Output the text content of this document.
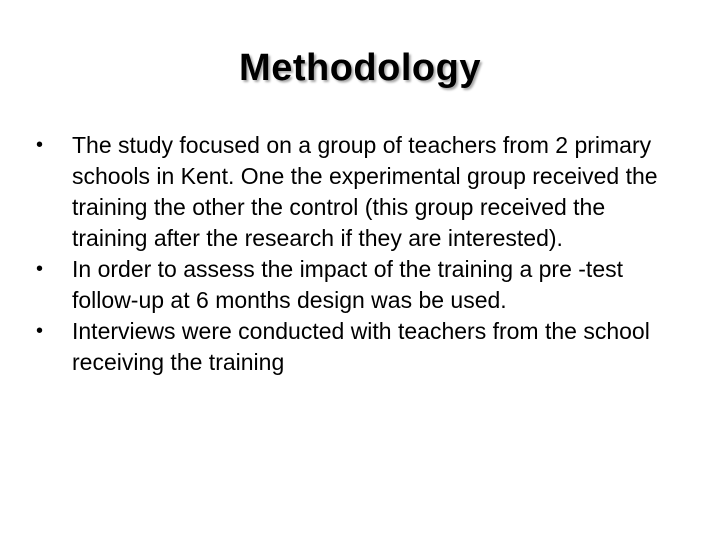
Methodology
•	The study focused on a group of teachers from 2 primary schools in Kent. One the experimental group received the training the other the control (this group received the training after the research if they are interested).
•	In order to assess the impact of the training a pre -test follow-up at 6 months design was be used.
•	Interviews were conducted with teachers from the school receiving the training
